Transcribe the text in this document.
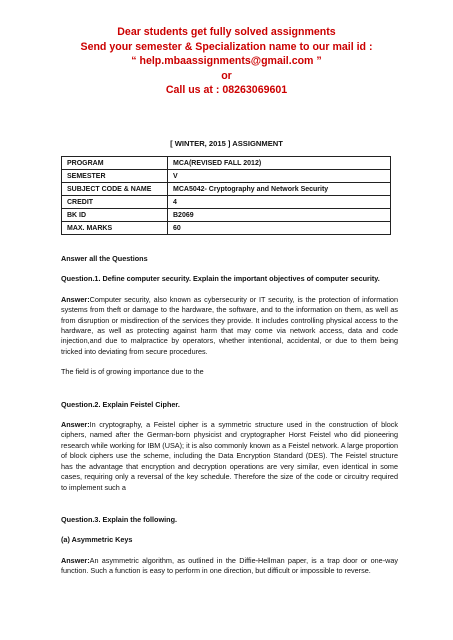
Dear students get fully solved assignments
Send your semester & Specialization name to our mail id :
“ help.mbaassignments@gmail.com ”
or
Call us at : 08263069601
[ WINTER, 2015 ] ASSIGNMENT
PROGRAM	MCA(REVISED FALL 2012)
SEMESTER	V
SUBJECT CODE & NAME	MCA5042- Cryptography and Network Security
CREDIT	4
BK ID	B2069
MAX. MARKS	60

Answer all the Questions

Question.1. Define computer security. Explain the important objectives of computer security.

Answer:Computer security, also known as cybersecurity or IT security, is the protection of information systems from theft or damage to the hardware, the software, and to the information on them, as well as from disruption or misdirection of the services they provide. It includes controlling physical access to the hardware, as well as protecting against harm that may come via network access, data and code injection,and due to malpractice by operators, whether intentional, accidental, or due to them being tricked into deviating from secure procedures.

The field is of growing importance due to the

Question.2. Explain Feistel Cipher.

Answer:In cryptography, a Feistel cipher is a symmetric structure used in the construction of block ciphers, named after the German-born physicist and cryptographer Horst Feistel who did pioneering research while working for IBM (USA); it is also commonly known as a Feistel network. A large proportion of block ciphers use the scheme, including the Data Encryption Standard (DES). The Feistel structure has the advantage that encryption and decryption operations are very similar, even identical in some cases, requiring only a reversal of the key schedule. Therefore the size of the code or circuitry required to implement such a

Question.3. Explain the following.

(a) Asymmetric Keys

Answer:An asymmetric algorithm, as outlined in the Diffie-Hellman paper, is a trap door or one-way function. Such a function is easy to perform in one direction, but difficult or impossible to reverse.
